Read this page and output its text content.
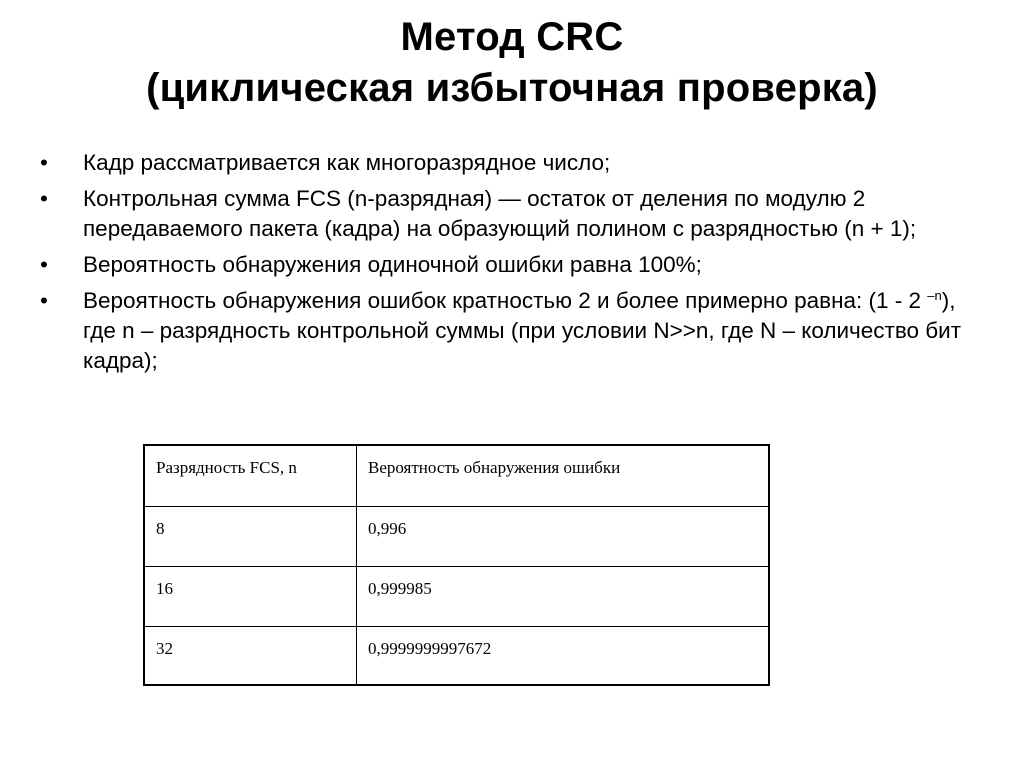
Метод CRC
(циклическая избыточная проверка)
• Кадр рассматривается как многоразрядное число;
• Контрольная сумма FCS (n-разрядная) — остаток от деления по модулю 2 передаваемого пакета (кадра) на образующий полином с разрядностью (n + 1);
• Вероятность обнаружения одиночной ошибки равна 100%;
• Вероятность обнаружения ошибок кратностью 2 и более примерно равна: (1 - 2 $^{-n}$), где n – разрядность контрольной суммы (при условии N>>n, где N – количество бит кадра);
Разрядность FCS, n	Вероятность обнаружения ошибки
8	0,996
16	0,999985
32	0,9999999997672
